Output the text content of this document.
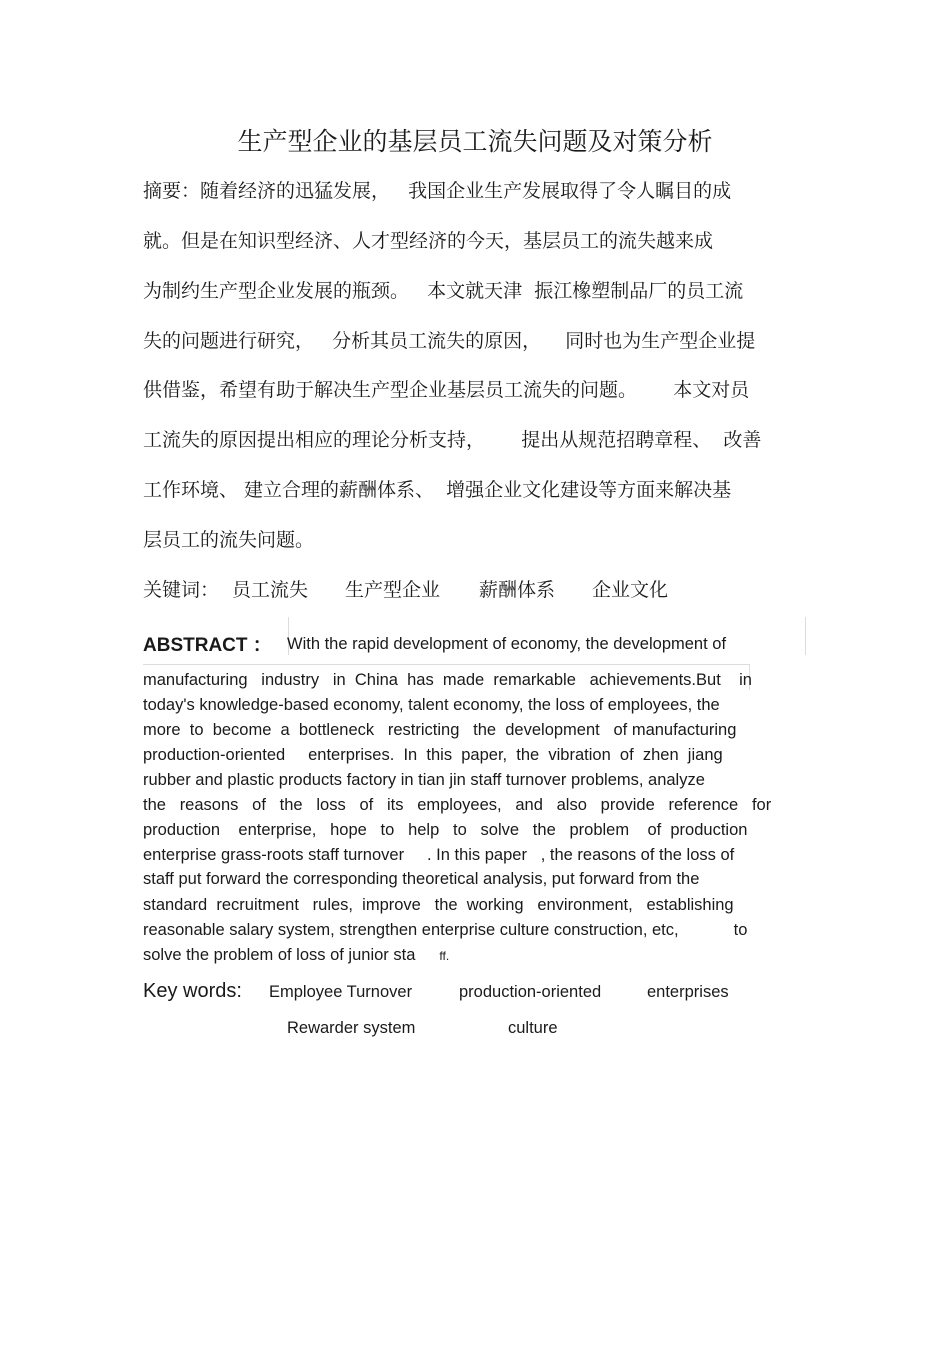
生产型企业的基层员工流失问题及对策分析
摘要：随着经济的迅猛发展，   我国企业生产发展取得了令人瞩目的成
就。但是在知识型经济、人才型经济的今天，基层员工的流失越来成
为制约生产型企业发展的瓶颈。   本文就天津  振江橡塑制品厂的员工流
失的问题进行研究，   分析其员工流失的原因，    同时也为生产型企业提
供借鉴，希望有助于解决生产型企业基层员工流失的问题。      本文对员
工流失的原因提出相应的理论分析支持，      提出从规范招聘章程、  改善
工作环境、 建立合理的薪酬体系、  增强企业文化建设等方面来解决基
层员工的流失问题。
关键词： 员工流失 生产型企业 薪酬体系 企业文化
ABSTRACT ： With the rapid development of economy, the development of
manufacturing   industry   in  China  has  made  remarkable   achievements.But    in
today's knowledge-based economy, talent economy, the loss of employees, the
more  to  become  a  bottleneck   restricting   the  development   of manufacturing
production-oriented     enterprises.  In  this  paper,  the  vibration  of  zhen  jiang
rubber and plastic products factory in tian jin staff turnover problems, analyze
the   reasons   of   the   loss   of   its   employees,   and   also   provide   reference   for
production    enterprise,   hope   to   help   to   solve   the   problem    of  production
enterprise grass-roots staff turnover     . In this paper   , the reasons of the loss of
staff put forward the corresponding theoretical analysis, put forward from the
standard  recruitment   rules,  improve   the  working   environment,   establishing
reasonable salary system, strengthen enterprise culture construction, etc,            to
solve the problem of loss of junior sta ff.
Key words: Employee Turnover	production-oriented	enterprises
Rewarder system	culture
